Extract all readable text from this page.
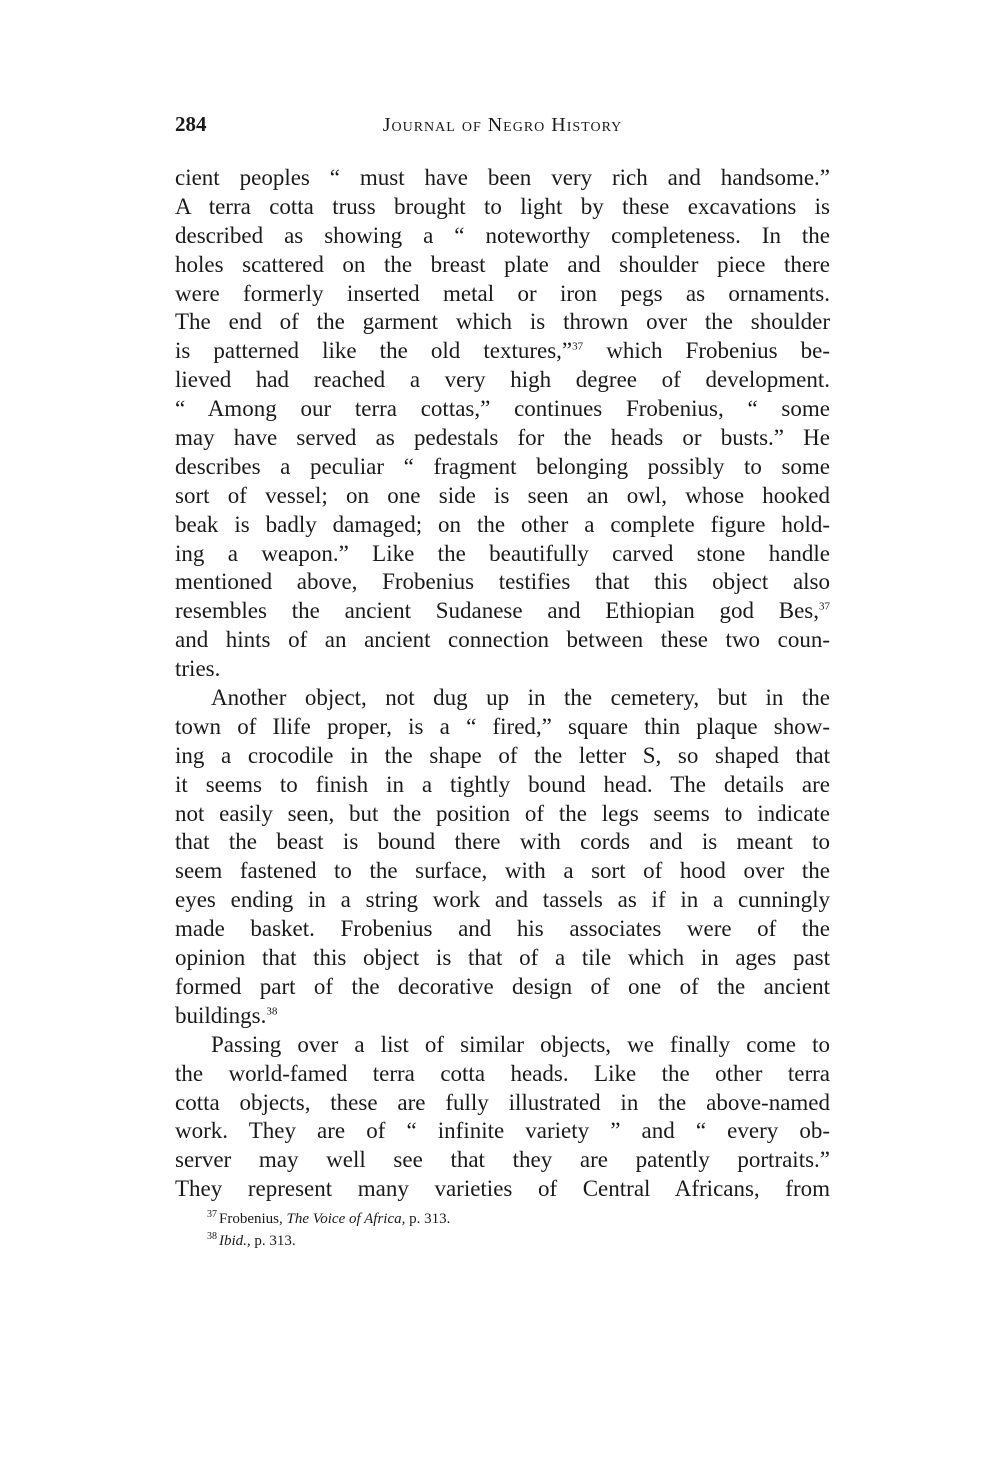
284	Journal of Negro History
cient peoples “ must have been very rich and handsome.”
A terra cotta truss brought to light by these excavations is
described as showing a “ noteworthy completeness. In the
holes scattered on the breast plate and shoulder piece there
were formerly inserted metal or iron pegs as ornaments.
The end of the garment which is thrown over the shoulder
is patterned like the old textures,”$^{37}$ which Frobenius be-
lieved had reached a very high degree of development.
“ Among our terra cottas,” continues Frobenius, “ some
may have served as pedestals for the heads or busts.” He
describes a peculiar “ fragment belonging possibly to some
sort of vessel; on one side is seen an owl, whose hooked
beak is badly damaged; on the other a complete figure hold-
ing a weapon.” Like the beautifully carved stone handle
mentioned above, Frobenius testifies that this object also
resembles the ancient Sudanese and Ethiopian god Bes,$^{37}$
and hints of an ancient connection between these two coun-
tries.
Another object, not dug up in the cemetery, but in the
town of Ilife proper, is a “ fired,” square thin plaque show-
ing a crocodile in the shape of the letter S, so shaped that
it seems to finish in a tightly bound head. The details are
not easily seen, but the position of the legs seems to indicate
that the beast is bound there with cords and is meant to
seem fastened to the surface, with a sort of hood over the
eyes ending in a string work and tassels as if in a cunningly
made basket. Frobenius and his associates were of the
opinion that this object is that of a tile which in ages past
formed part of the decorative design of one of the ancient
buildings.$^{38}$
Passing over a list of similar objects, we finally come to
the world-famed terra cotta heads. Like the other terra
cotta objects, these are fully illustrated in the above-named
work. They are of “ infinite variety ” and “ every ob-
server may well see that they are patently portraits.”
They represent many varieties of Central Africans, from
$^{37}$ Frobenius, The Voice of Africa, p. 313.
$^{38}$ Ibid., p. 313.
